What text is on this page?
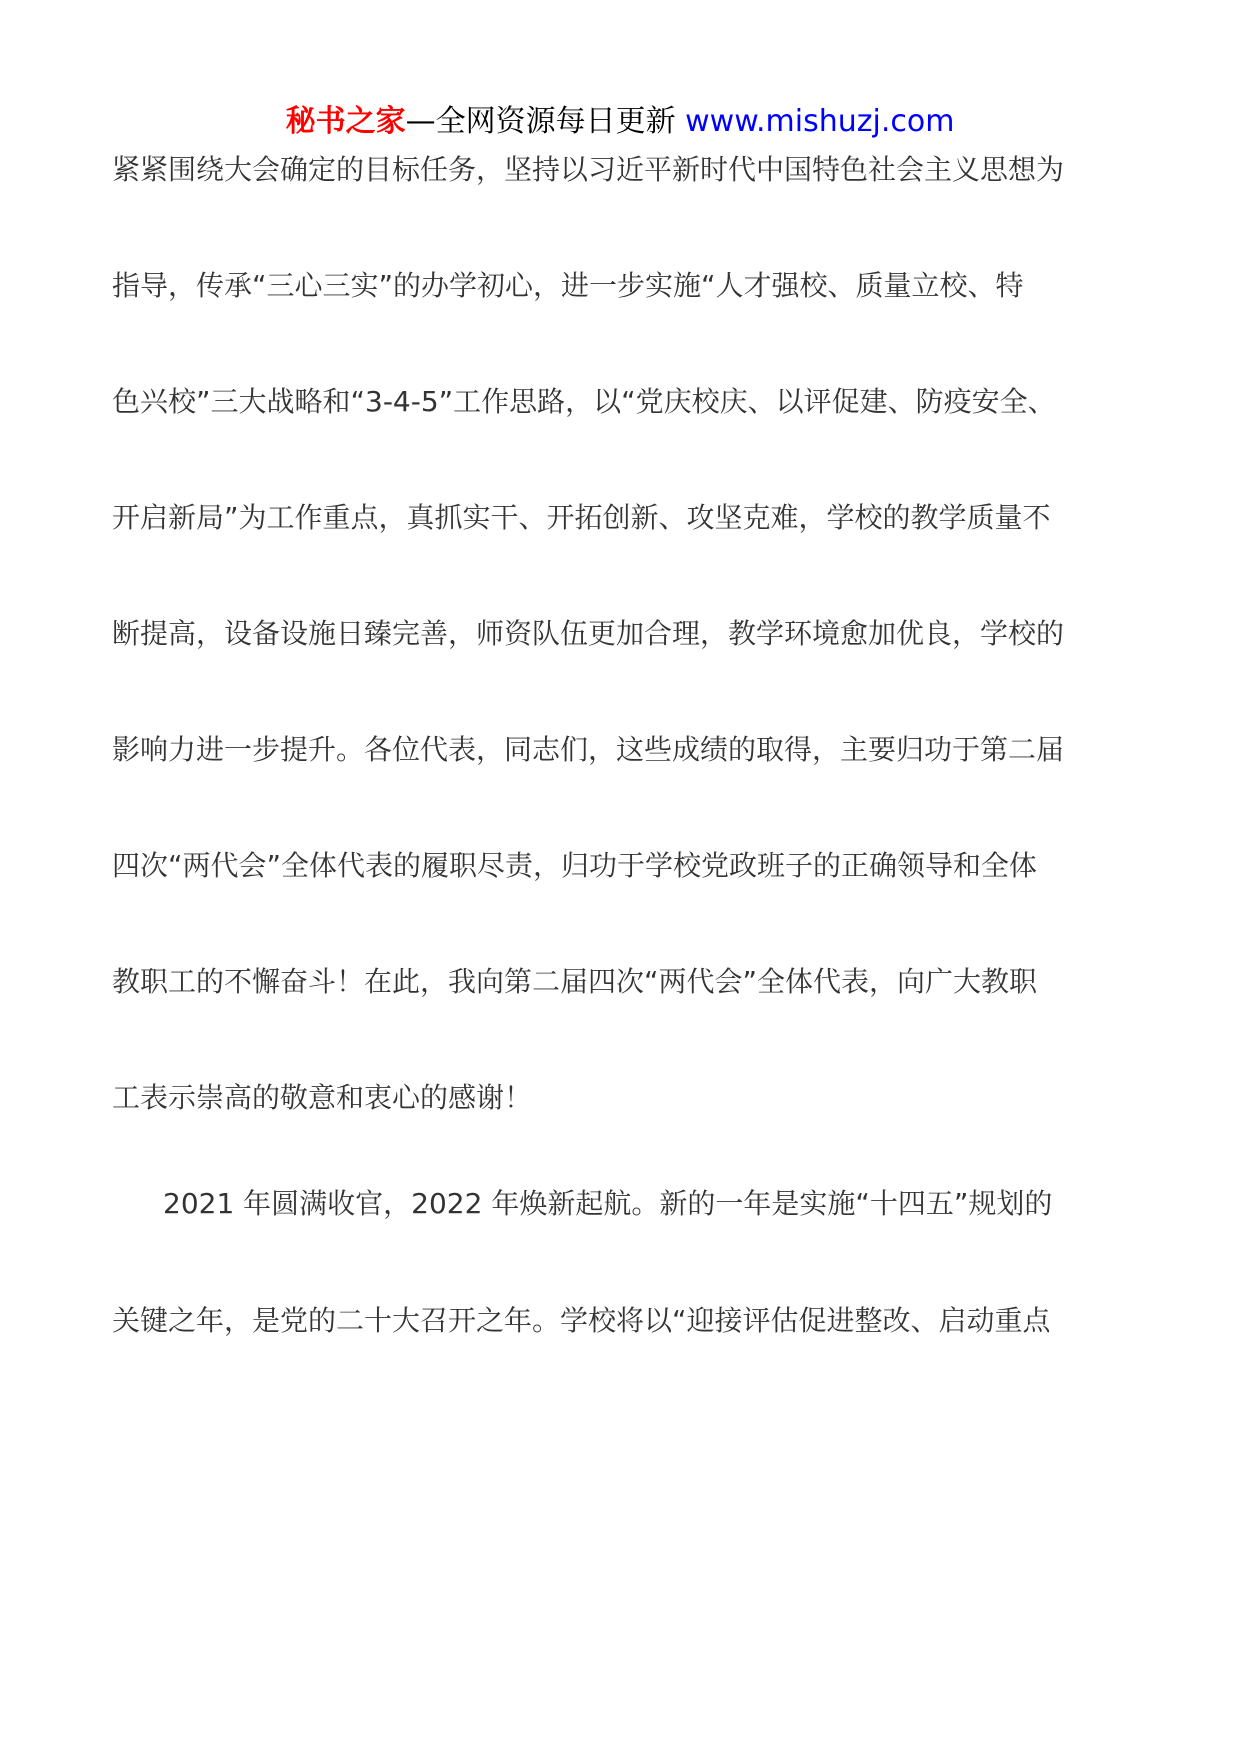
秘书之家—全网资源每日更新 www.mishuzj.com
紧紧围绕大会确定的目标任务，坚持以习近平新时代中国特色社会主义思想为
指导，传承“三心三实”的办学初心，进一步实施“人才强校、质量立校、特
色兴校”三大战略和“3-4-5”工作思路，以“党庆校庆、以评促建、防疫安全、
开启新局”为工作重点，真抓实干、开拓创新、攻坚克难，学校的教学质量不
断提高，设备设施日臻完善，师资队伍更加合理，教学环境愈加优良，学校的
影响力进一步提升。各位代表，同志们，这些成绩的取得，主要归功于第二届
四次“两代会”全体代表的履职尽责，归功于学校党政班子的正确领导和全体
教职工的不懈奋斗！在此，我向第二届四次“两代会”全体代表，向广大教职
工表示崇高的敬意和衷心的感谢！
2021 年圆满收官，2022 年焕新起航。新的一年是实施“十四五”规划的
关键之年，是党的二十大召开之年。学校将以“迎接评估促进整改、启动重点
